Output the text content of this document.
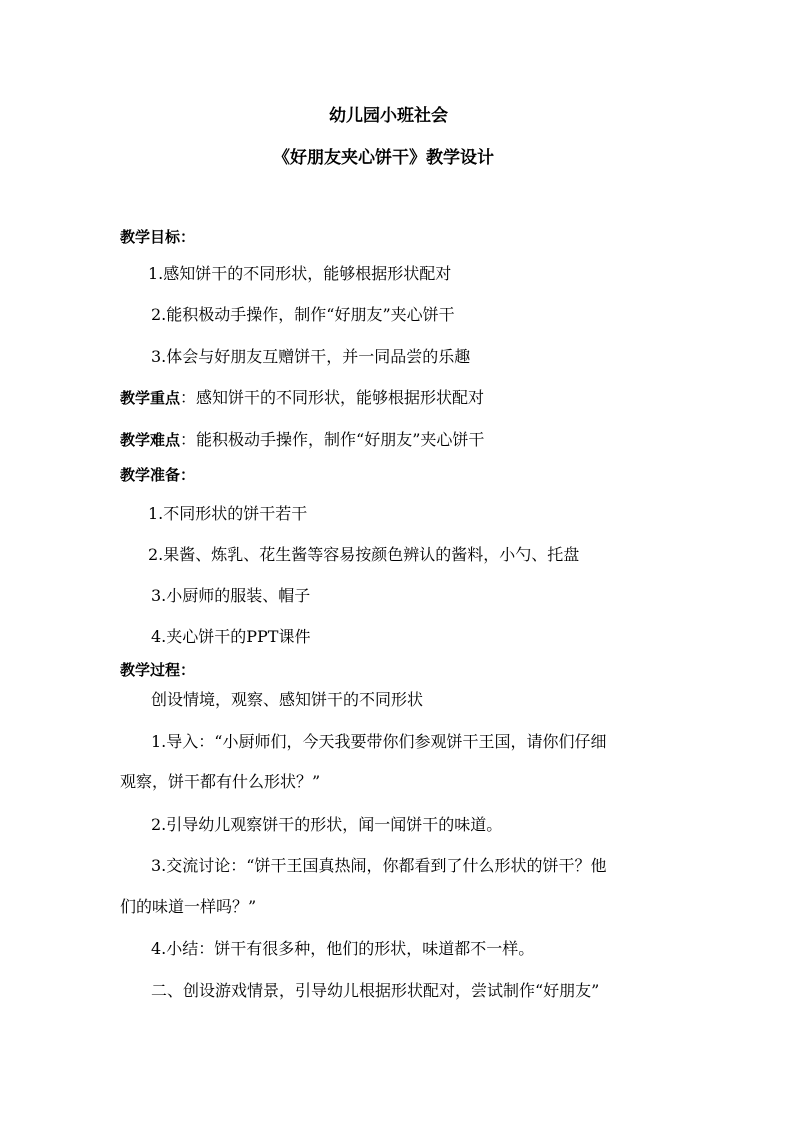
幼儿园小班社会
《好朋友夹心饼干》教学设计
教学目标：
1.感知饼干的不同形状，能够根据形状配对
2.能积极动手操作，制作“好朋友”夹心饼干
3.体会与好朋友互赠饼干，并一同品尝的乐趣
教学重点：感知饼干的不同形状，能够根据形状配对
教学难点：能积极动手操作，制作“好朋友”夹心饼干
教学准备：
1.不同形状的饼干若干
2.果酱、炼乳、花生酱等容易按颜色辨认的酱料，小勺、托盘
3.小厨师的服装、帽子
4.夹心饼干的PPT课件
教学过程：
创设情境，观察、感知饼干的不同形状
1.导入：“小厨师们，今天我要带你们参观饼干王国，请你们仔细
观察，饼干都有什么形状？”
2.引导幼儿观察饼干的形状，闻一闻饼干的味道。
3.交流讨论：“饼干王国真热闹，你都看到了什么形状的饼干？他
们的味道一样吗？”
4.小结：饼干有很多种，他们的形状，味道都不一样。
二、创设游戏情景，引导幼儿根据形状配对，尝试制作“好朋友”
